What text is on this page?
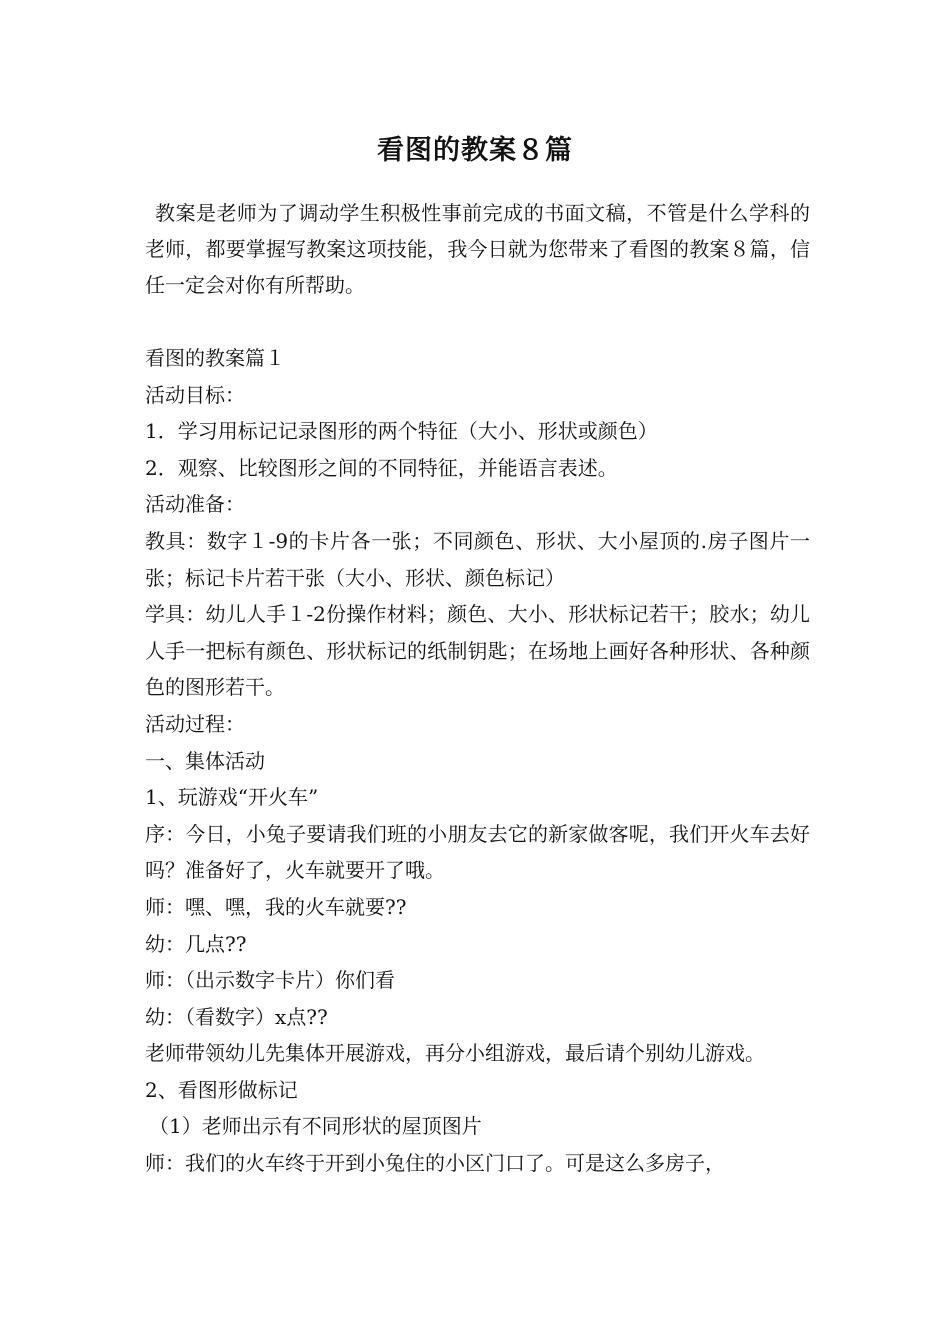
看图的教案８篇
教案是老师为了调动学生积极性事前完成的书面文稿，不管是什么学科的老师，都要掌握写教案这项技能，我今日就为您带来了看图的教案８篇，信任一定会对你有所帮助。
看图的教案篇１
活动目标：
1．学习用标记记录图形的两个特征（大小、形状或颜色）
2．观察、比较图形之间的不同特征，并能语言表述。
活动准备：
教具：数字１-9的卡片各一张；不同颜色、形状、大小屋顶的.房子图片一张；标记卡片若干张（大小、形状、颜色标记）
学具：幼儿人手１-2份操作材料；颜色、大小、形状标记若干；胶水；幼儿人手一把标有颜色、形状标记的纸制钥匙；在场地上画好各种形状、各种颜色的图形若干。
活动过程：
一、集体活动
1、玩游戏“开火车”
序：今日，小兔子要请我们班的小朋友去它的新家做客呢，我们开火车去好吗？准备好了，火车就要开了哦。
师：嘿、嘿，我的火车就要??
幼：几点??
师：（出示数字卡片）你们看
幼：（看数字）x点??
老师带领幼儿先集体开展游戏，再分小组游戏，最后请个别幼儿游戏。
2、看图形做标记
（1）老师出示有不同形状的屋顶图片
师：我们的火车终于开到小兔住的小区门口了。可是这么多房子，
